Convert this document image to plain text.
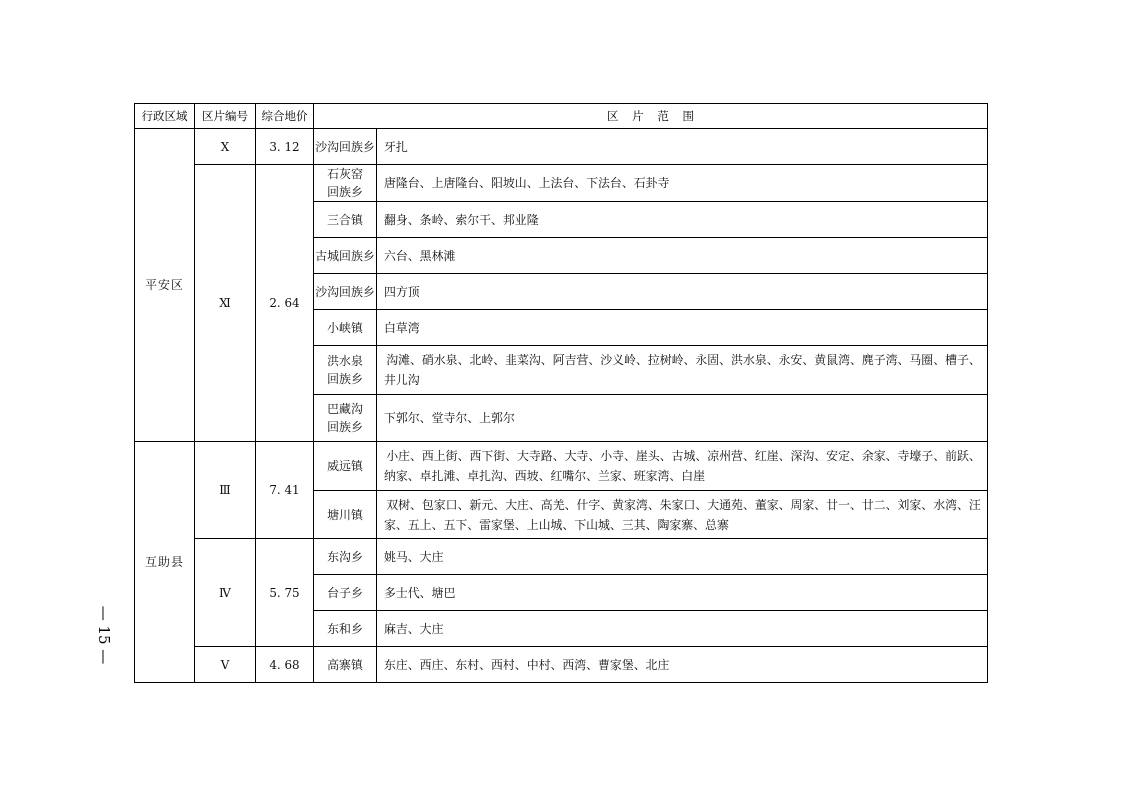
— 15 —
行政区域	区片编号	综合地价	区 片 范 围	
平安区	Ⅹ	3. 12	沙沟回族乡	牙扎
	Ⅺ	2. 64	石灰窑回族乡	唐隆台、上唐隆台、阳坡山、上法台、下法台、石卦寺
			三合镇	翻身、条岭、索尔干、邦业隆
			古城回族乡	六台、黑林滩
			沙沟回族乡	四方顶
			小峡镇	白草湾
			洪水泉回族乡	沟滩、硝水泉、北岭、韭菜沟、阿吉营、沙义岭、拉树岭、永固、洪水泉、永安、黄鼠湾、麂子湾、马圈、槽子、井儿沟
			巴藏沟回族乡	下郭尔、堂寺尔、上郭尔
互助县	Ⅲ	7. 41	威远镇	小庄、西上街、西下街、大寺路、大寺、小寺、崖头、古城、凉州营、红崖、深沟、安定、余家、寺壕子、前跃、纳家、卓扎滩、卓扎沟、西坡、红嘴尔、兰家、班家湾、白崖
			塘川镇	双树、包家口、新元、大庄、高羌、什字、黄家湾、朱家口、大通苑、董家、周家、廿一、廿二、刘家、水湾、汪家、五上、五下、雷家堡、上山城、下山城、三其、陶家寨、总寨
	Ⅳ	5. 75	东沟乡	姚马、大庄
			台子乡	多士代、塘巴
			东和乡	麻吉、大庄
	Ⅴ	4. 68	高寨镇	东庄、西庄、东村、西村、中村、西湾、曹家堡、北庄
